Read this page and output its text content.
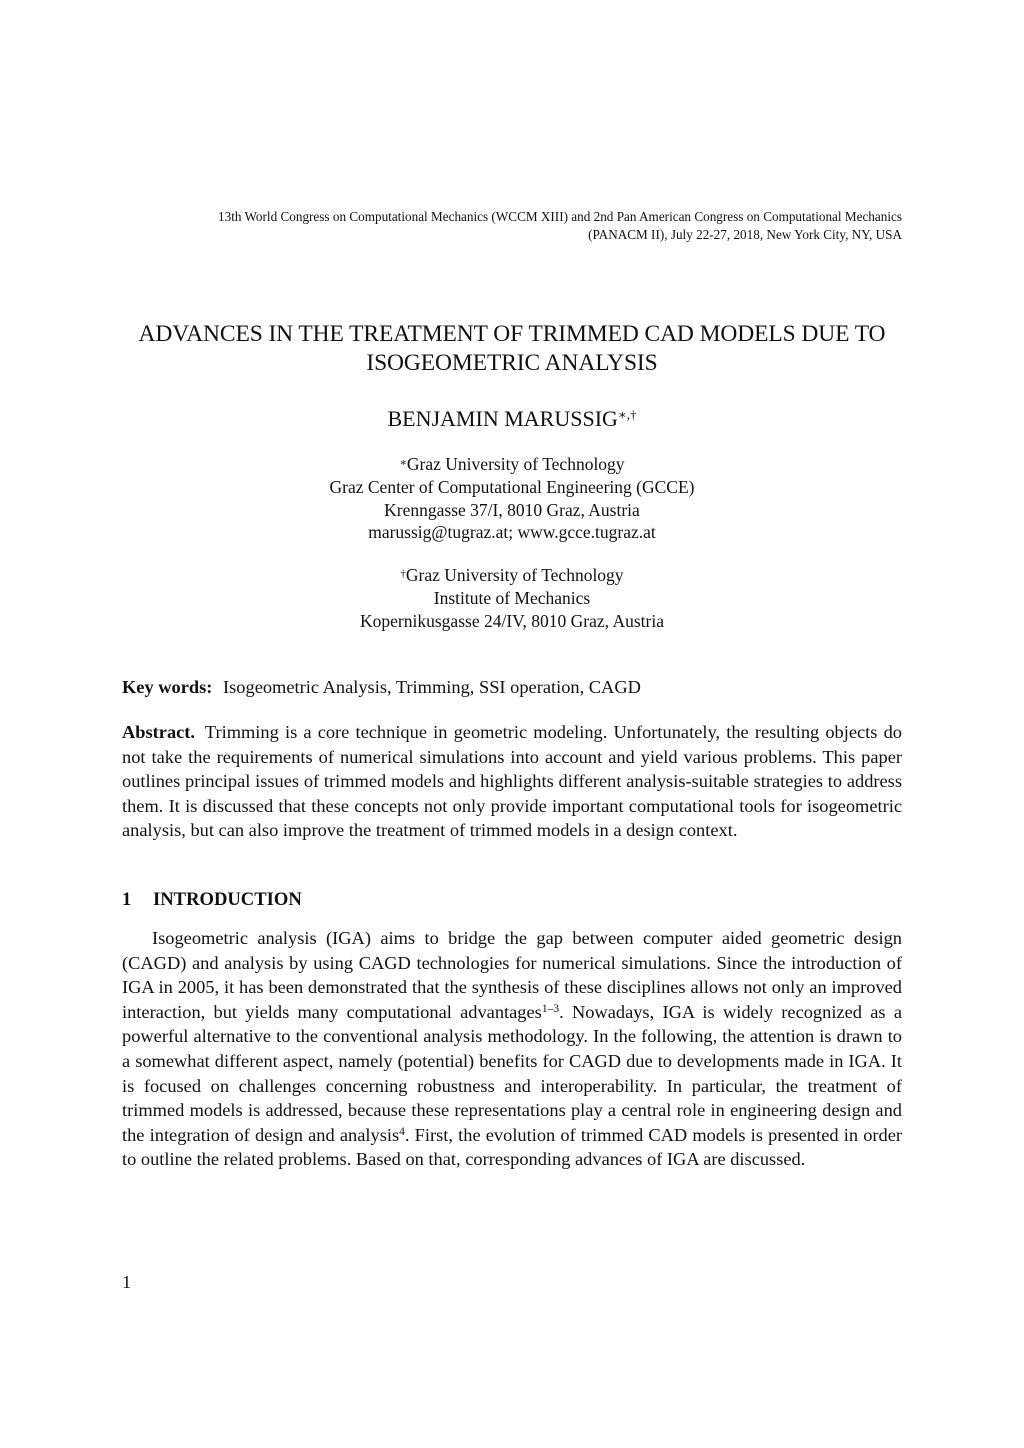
13th World Congress on Computational Mechanics (WCCM XIII) and 2nd Pan American Congress on Computational Mechanics
(PANACM II), July 22-27, 2018, New York City, NY, USA
ADVANCES IN THE TREATMENT OF TRIMMED CAD MODELS DUE TO
ISOGEOMETRIC ANALYSIS
BENJAMIN MARUSSIG∗,†
∗Graz University of Technology
Graz Center of Computational Engineering (GCCE)
Krenngasse 37/I, 8010 Graz, Austria
marussig@tugraz.at; www.gcce.tugraz.at
†Graz University of Technology
Institute of Mechanics
Kopernikusgasse 24/IV, 8010 Graz, Austria
Key words: Isogeometric Analysis, Trimming, SSI operation, CAGD
Abstract. Trimming is a core technique in geometric modeling. Unfortunately, the resulting objects do not take the requirements of numerical simulations into account and yield various problems. This paper outlines principal issues of trimmed models and highlights different analysis-suitable strategies to address them. It is discussed that these concepts not only provide important computational tools for isogeometric analysis, but can also improve the treatment of trimmed models in a design context.
1 INTRODUCTION
Isogeometric analysis (IGA) aims to bridge the gap between computer aided geometric design (CAGD) and analysis by using CAGD technologies for numerical simulations. Since the introduction of IGA in 2005, it has been demonstrated that the synthesis of these disciplines allows not only an improved interaction, but yields many computational advantages$^{1-3}$. Nowadays, IGA is widely recognized as a powerful alternative to the conventional analysis methodology. In the following, the attention is drawn to a somewhat different aspect, namely (potential) benefits for CAGD due to developments made in IGA. It is focused on challenges concerning robustness and interoperability. In particular, the treatment of trimmed models is addressed, because these representations play a central role in engineering design and the integration of design and analysis$^4$. First, the evolution of trimmed CAD models is presented in order to outline the related problems. Based on that, corresponding advances of IGA are discussed.
1
